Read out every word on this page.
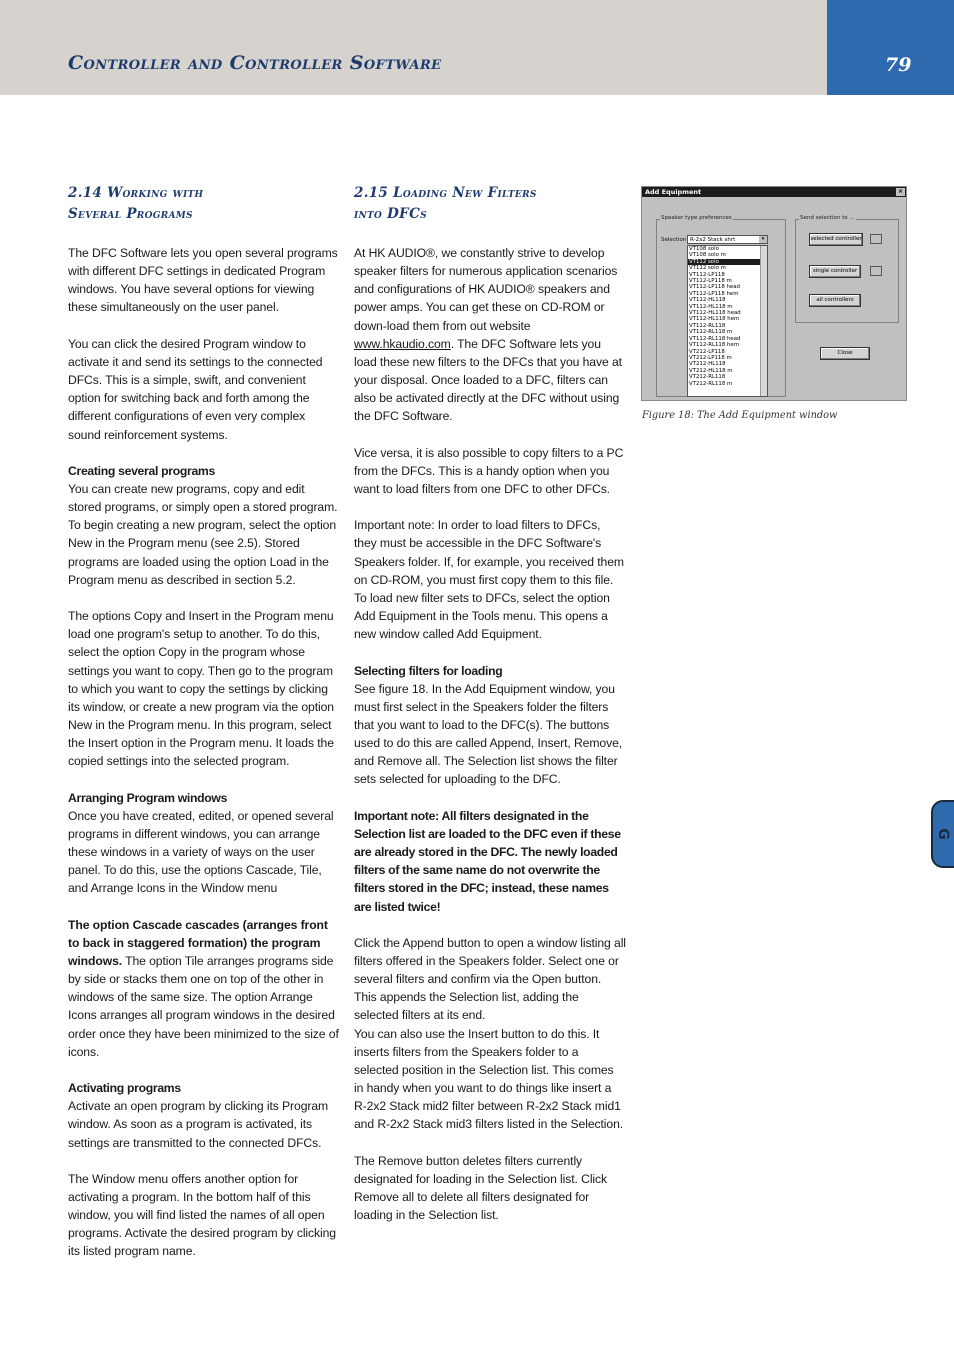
Controller and Controller Software	79
G
2.14 Working with
Several Programs
2.15 Loading New Filters
into DFCs

The DFC Software lets you open several programs with different DFC settings in dedicated Program windows. You have several options for viewing these simultaneously on the user panel.

You can click the desired Program window to activate it and send its settings to the connected DFCs. This is a simple, swift, and convenient option for switching back and forth among the different configurations of even very complex sound reinforcement systems.

Creating several programs

You can create new programs, copy and edit stored programs, or simply open a stored program. To begin creating a new program, select the option New in the Program menu (see 2.5). Stored programs are loaded using the option Load in the Program menu as described in section 5.2.

The options Copy and Insert in the Program menu load one program's setup to another. To do this, select the option Copy in the program whose settings you want to copy. Then go to the program to which you want to copy the settings by clicking its window, or create a new program via the option New in the Program menu. In this program, select the Insert option in the Program menu. It loads the copied settings into the selected program.

Arranging Program windows

Once you have created, edited, or opened several programs in different windows, you can arrange these windows in a variety of ways on the user panel. To do this, use the options Cascade, Tile, and Arrange Icons in the Window menu

The option Cascade cascades (arranges front to back in staggered formation) the program windows. The option Tile arranges programs side by side or stacks them one on top of the other in windows of the same size. The option Arrange Icons arranges all program windows in the desired order once they have been minimized to the size of icons.

Activating programs

Activate an open program by clicking its Program window. As soon as a program is activated, its settings are transmitted to the connected DFCs.

The Window menu offers another option for activating a program. In the bottom half of this window, you will find listed the names of all open programs. Activate the desired program by clicking its listed program name.

At HK AUDIO®, we constantly strive to develop speaker filters for numerous application scenarios and configurations of HK AUDIO® speakers and power amps. You can get these on CD-ROM or down-load them from out website www.hkaudio.com. The DFC Software lets you load these new filters to the DFCs that you have at your disposal. Once loaded to a DFC, filters can also be activated directly at the DFC without using the DFC Software.

Vice versa, it is also possible to copy filters to a PC from the DFCs. This is a handy option when you want to load filters from one DFC to other DFCs.

Important note: In order to load filters to DFCs, they must be accessible in the DFC Software's Speakers folder. If, for example, you received them on CD-ROM, you must first copy them to this file. To load new filter sets to DFCs, select the option Add Equipment in the Tools menu. This opens a new window called Add Equipment.

Selecting filters for loading

See figure 18. In the Add Equipment window, you must first select in the Speakers folder the filters that you want to load to the DFC(s). The buttons used to do this are called Append, Insert, Remove, and Remove all. The Selection list shows the filter sets selected for uploading to the DFC.

Important note: All filters designated in the Selection list are loaded to the DFC even if these are already stored in the DFC. The newly loaded filters of the same name do not overwrite the filters stored in the DFC; instead, these names are listed twice!

Click the Append button to open a window listing all filters offered in the Speakers folder. Select one or several filters and confirm via the Open button. This appends the Selection list, adding the selected filters at its end.

You can also use the Insert button to do this. It inserts filters from the Speakers folder to a selected position in the Selection list. This comes in handy when you want to do things like insert a R-2x2 Stack mid2 filter between R-2x2 Stack mid1 and R-2x2 Stack mid3 filters listed in the Selection.

The Remove button deletes filters currently designated for loading in the Selection list. Click Remove all to delete all filters designated for loading in the Selection list.

Add Equipment	×
Speaker type preferences	Send selection to ...
Selection R-2x2 Stack shrt	▾
VT108 solo
VT108 solo m
VT112 solo
VT112 solo m
VT112-LP118
VT112-LP118 m
VT112-LP118 head
VT112-LP118 hem
VT112-HL118
VT112-HL118 m
VT112-HL118 head
VT112-HL118 hem
VT112-RL118
VT112-RL118 m
VT112-RL118 head
VT112-RL118 hem
VT212-LP118
VT212-LP118 m
VT212-HL118
VT212-HL118 m
VT212-RL118
VT212-RL118 m
selected controller
single controller
all controllers
Close
Figure 18: The Add Equipment window
